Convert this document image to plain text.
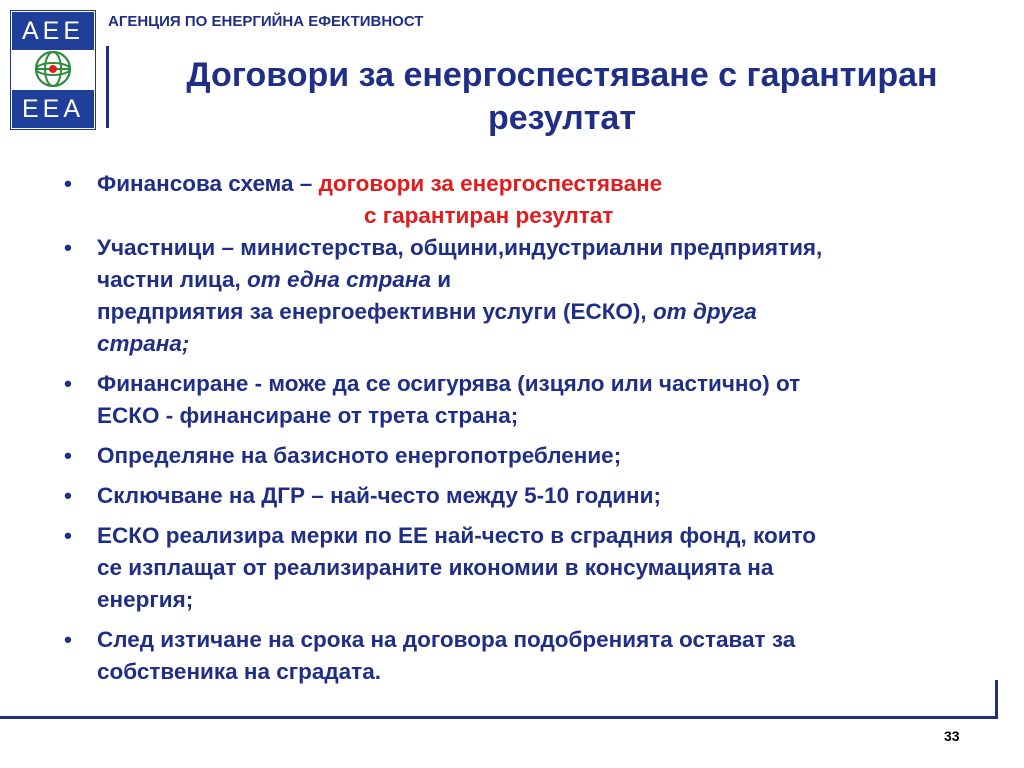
AEE
EEA
АГЕНЦИЯ ПО ЕНЕРГИЙНА ЕФЕКТИВНОСТ
Договори за енергоспестяване с гарантиран
резултат
• Финансова схема – договори за енергоспестяване
с гарантиран резултат
• Участници – министерства, общини,индустриални предприятия,
частни лица, от една страна и
предприятия за енергоефективни услуги (ЕСКО), от друга
страна;
• Финансиране - може да се осигурява (изцяло или частично) от
ЕСКО - финансиране от трета страна;
• Определяне на базисното енергопотребление;
• Сключване на ДГР – най-често между 5-10 години;
• ЕСКО реализира мерки по ЕЕ най-често в сградния фонд, които
се изплащат от реализираните икономии в консумацията на
енергия;
• След изтичане на срока на договора подобренията остават за
собственика на сградата.
33
